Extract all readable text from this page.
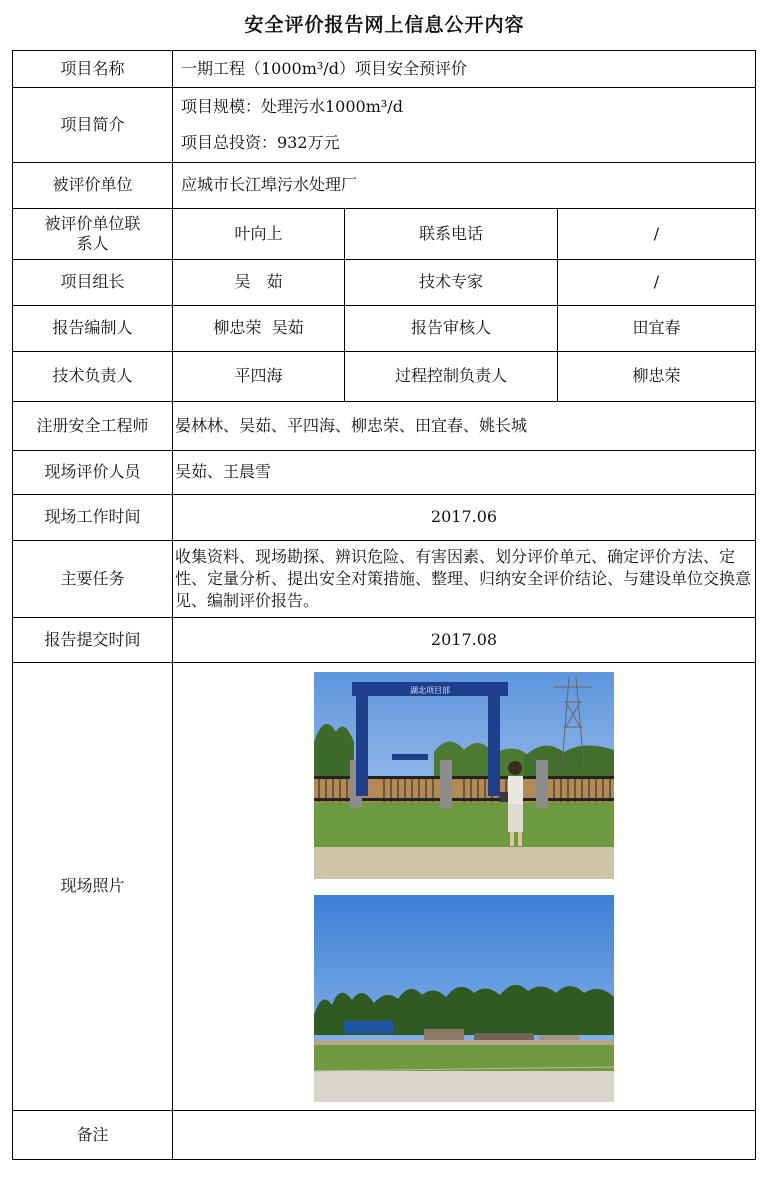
安全评价报告网上信息公开内容
项目名称	一期工程（1000m³/d）项目安全预评价		
项目简介	项目规模：处理污水1000m³/d
项目总投资：932万元		

被评价单位	应城市长江埠污水处理厂		
被评价单位联系人	叶向上	联系电话	/
项目组长	吴　茹	技术专家	/
报告编制人	柳忠荣  吴茹	报告审核人	田宜春
技术负责人	平四海	过程控制负责人	柳忠荣
注册安全工程师	晏林林、吴茹、平四海、柳忠荣、田宜春、姚长城		
现场评价人员	吴茹、王晨雪		
现场工作时间	2017.06		
主要任务	收集资料、现场勘探、辨识危险、有害因素、划分评价单元、确定评价方法、定性、定量分析、提出安全对策措施、整理、归纳安全评价结论、与建设单位交换意见、编制评价报告。		
报告提交时间	2017.08		
现场照片	湖北项目部		

备注			
